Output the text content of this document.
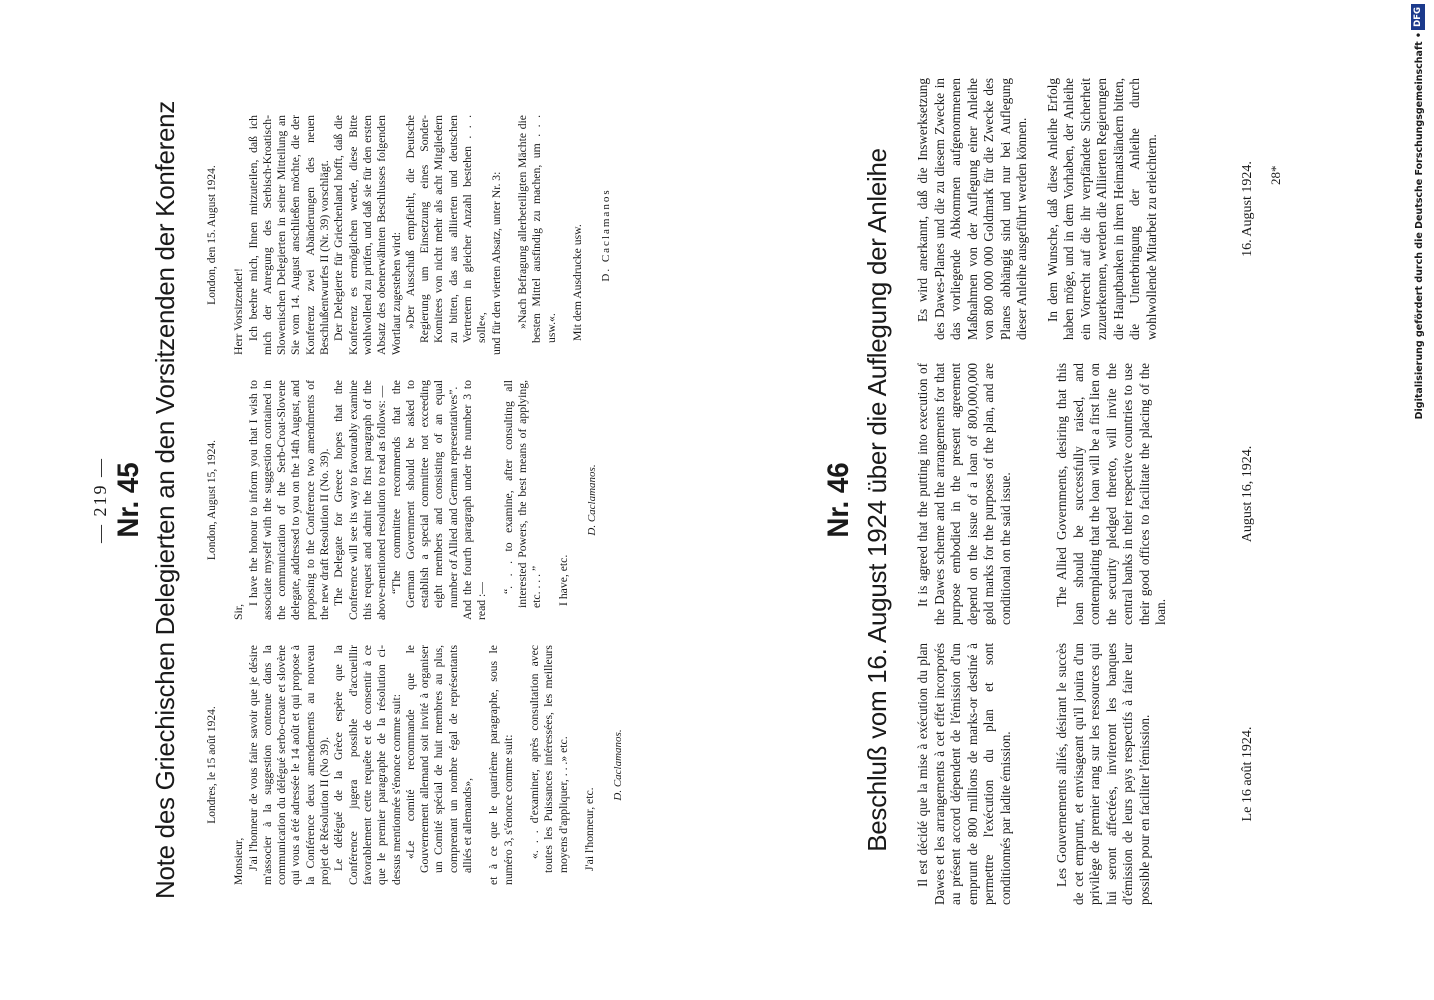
— 219 — Nr. 45 Note des Griechischen Delegierten an den Vorsitzenden der Konferenz Londres, le 15 août 1924.

Monsieur, J'ai l'honneur de vous faire savoir que je désire m'associer à la suggestion contenue dans la communication du délégué serbo-croate et slovène qui vous a été adressée le 14 août et qui propose à la Conférence deux amendements au nouveau projet de Résolution II (No 39). Le délégué de la Grèce espère que la Conférence jugera possible d'accueillir favorablement cette requête et de consentir à ce que le premier paragraphe de la résolution ci-dessus mentionnée s'énonce comme suit: «Le comité recommande que le Gouvernement allemand soit invité à organiser un Comité spécial de huit membres au plus, comprenant un nombre égal de représentants alliés et allemands», et à ce que le quatrième paragraphe, sous le numéro 3, s'énonce comme suit: «. . . d'examiner, après consultation avec toutes les Puissances intéressées, les meilleurs moyens d'appliquer, . . .» etc. J'ai l'honneur, etc.

D. Caclamanos.

London, August 15, 1924.

Sir,

I have the honour to inform you that I wish to associate myself with the suggestion contained in the communication of the Serb-Croat-Slovene delegate, addressed to you on the 14th August, and proposing to the Conference two amendments of the new draft Resolution II (No. 39). The Delegate for Greece hopes that the Conference will see its way to favourably examine this request and admit the first paragraph of the above-mentioned resolution to read as follows: — “The committee recommends that the German Government should be asked to establish a special committee not exceeding eight members and consisting of an equal number of Allied and German representatives”. And the fourth paragraph under the number 3 to read :—

“. . . to examine, after consulting all interested Powers, the best means of applying, etc. . . . ” I have, etc.

D. Caclamanos.

London, den 15. August 1924.

Herr Vorsitzender! Ich beehre mich, Ihnen mitzuteilen, daß ich mich der Anregung des Serbisch-Kroatisch-Slowenischen Delegierten in seiner Mitteilung an Sie vom 14. August anschließen möchte, die der Konferenz zwei Abänderungen des neuen Beschlußentwurfes II (Nr. 39) vorschlägt. Der Delegierte für Griechenland hofft, daß die Konferenz es ermöglichen werde, diese Bitte wohlwollend zu prüfen, und daß sie für den ersten Absatz des obenerwähnten Beschlusses folgenden Wortlaut zugestehen wird: »Der Ausschuß empfiehlt, die Deutsche Regierung um Einsetzung eines Sonder-Komitees von nicht mehr als acht Mitgliedern zu bitten, das aus alliierten und deutschen Vertretern in gleicher Anzahl bestehen . . . solle«, und für den vierten Absatz, unter Nr. 3: »Nach Befragung allerbeteiligten Mächte die besten Mittel ausfindig zu machen, um . . . usw.«. Mit dem Ausdrucke usw. D. Caclamanos

Nr. 46 Beschluß vom 16. August 1924 über die Auflegung der Anleihe Il est décidé que la mise à exécution du plan Dawes et les arrangements à cet effet incorporés au présent accord dépendent de l'émission d'un emprunt de 800 millions de marks-or destiné à permettre l'exécution du plan et sont conditionnés par ladite émission.	Les Gouvernements alliés, désirant le succès de cet emprunt, et envisageant qu'il jouira d'un privilège de premier rang sur les ressources qui lui seront affectées, inviteront les banques d'émission de leurs pays respectifs à faire leur possible pour en faciliter l'émission.	Le 16 août 1924.

It is agreed that the putting into execution of the Dawes scheme and the arrangements for that purpose embodied in the present agreement depend on the issue of a loan of 800,000,000 gold marks for the purposes of the plan, and are conditional on the said issue.	The Allied Governments, desiring that this loan should be successfully raised, and contemplating that the loan will be a first lien on the security pledged thereto, will invite the central banks in their respective countries to use their good offices to facilitate the placing of the loan.

August 16, 1924.

Es wird anerkannt, daß die Inswerksetzung des Dawes-Planes und die zu diesem Zwecke in das vorliegende Abkommen aufgenommenen Maßnahmen von der Auflegung einer Anleihe von 800 000 000 Goldmark für die Zwecke des Planes abhängig sind und nur bei Auflegung dieser Anleihe ausgeführt werden können. In dem Wunsche, daß diese Anleihe Erfolg haben möge, und in dem Vorhaben, der Anleihe ein Vorrecht auf die ihr verpfändete Sicherheit zuzuerkennen, werden die Alliierten Regierungen die Hauptbanken in ihren Heimatsländern bitten, die Unterbringung der Anleihe durch wohlwollende Mitarbeit zu erleichtern.	16. August 1924. 28*	Digitalisierung gefördert durch die Deutsche Forschungsgemeinschaft •
DFG
